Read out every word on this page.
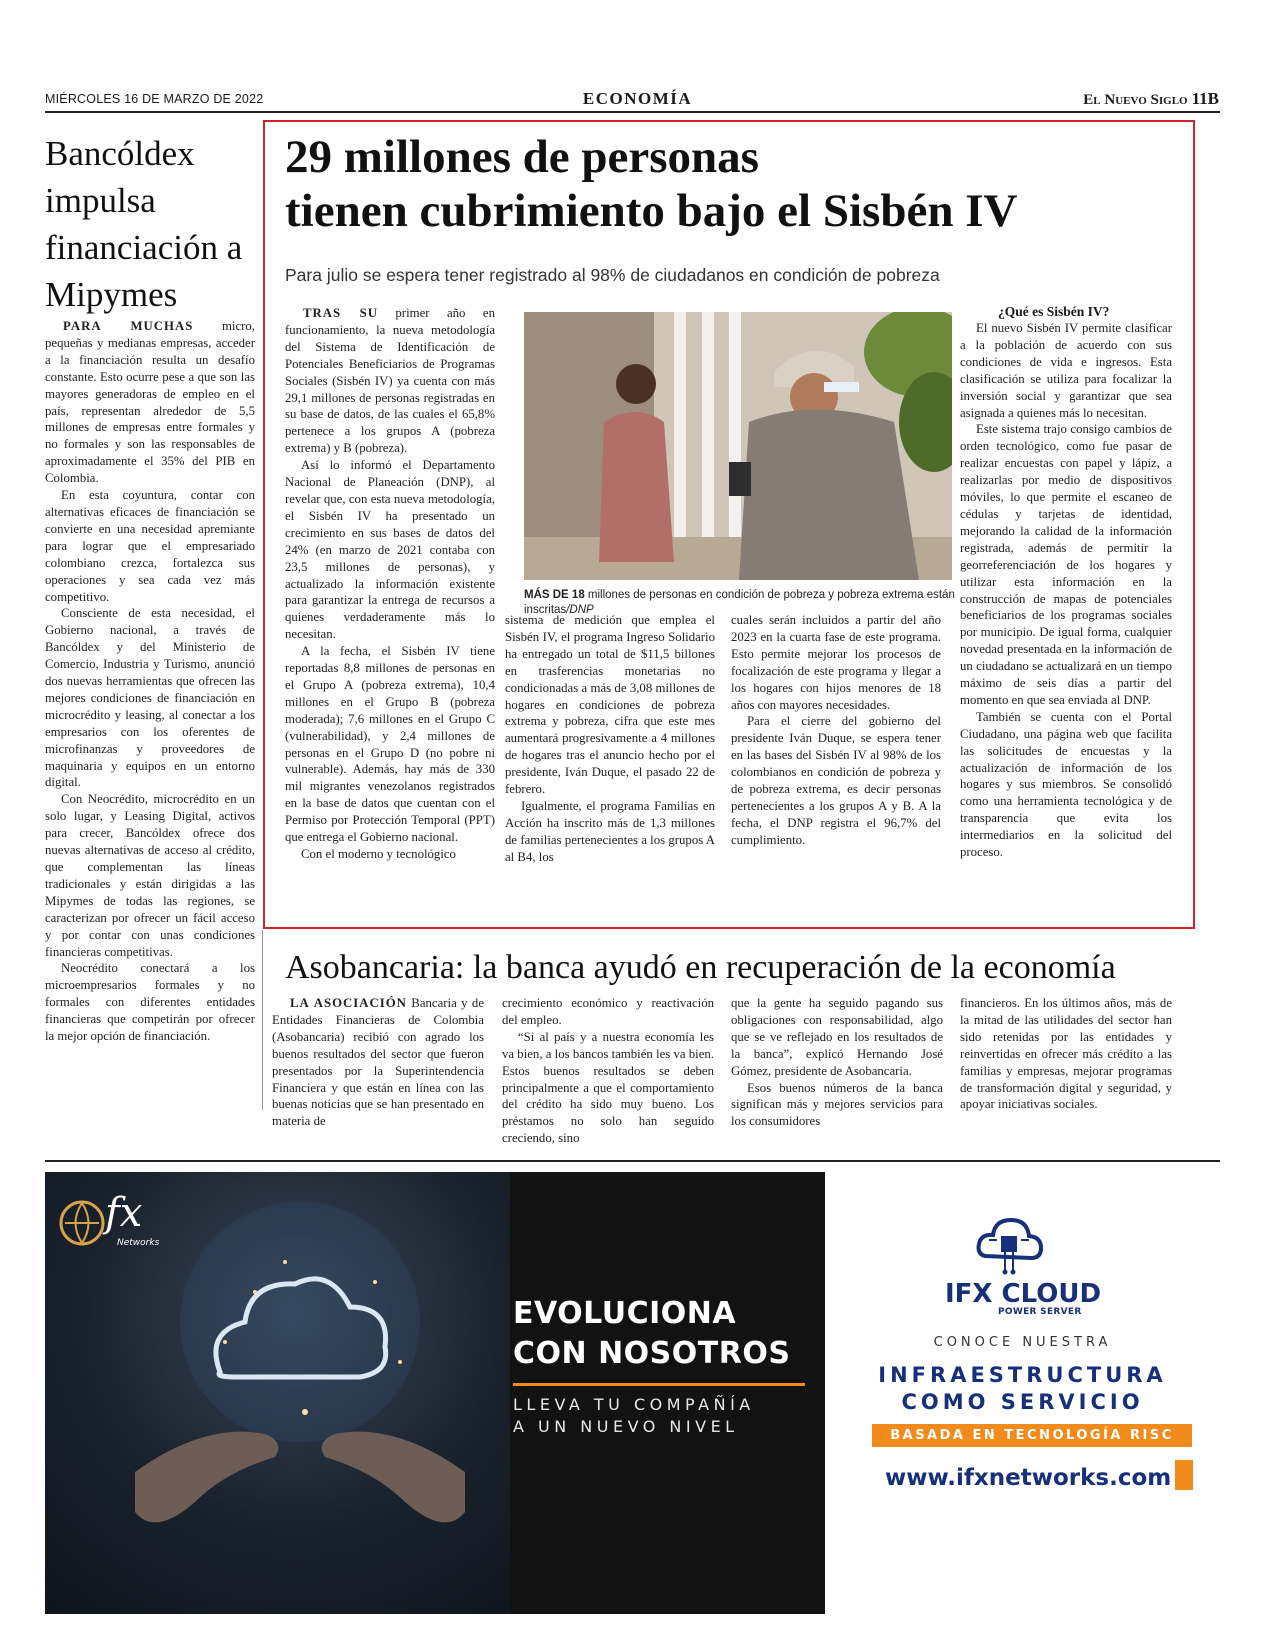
MIÉRCOLES 16 DE MARZO DE 2022	ECONOMÍA	El Nuevo Siglo 11B
Bancóldex impulsa financiación a Mipymes

PARA MUCHAS micro, pequeñas y medianas empresas, acceder a la financiación resulta un desafío constante. Esto ocurre pese a que son las mayores generadoras de empleo en el país, representan alrededor de 5,5 millones de empresas entre formales y no formales y son las responsables de aproximadamente el 35% del PIB en Colombia.

En esta coyuntura, contar con alternativas eficaces de financiación se convierte en una necesidad apremiante para lograr que el empresariado colombiano crezca, fortalezca sus operaciones y sea cada vez más competitivo.

Consciente de esta necesidad, el Gobierno nacional, a través de Bancóldex y del Ministerio de Comercio, Industria y Turismo, anunció dos nuevas herramientas que ofrecen las mejores condiciones de financiación en microcrédito y leasing, al conectar a los empresarios con los oferentes de microfinanzas y proveedores de maquinaria y equipos en un entorno digital.

Con Neocrédito, microcrédito en un solo lugar, y Leasing Digital, activos para crecer, Bancóldex ofrece dos nuevas alternativas de acceso al crédito, que complementan las líneas tradicionales y están dirigidas a las Mipymes de todas las regiones, se caracterizan por ofrecer un fácil acceso y por contar con unas condiciones financieras competitivas.

Neocrédito conectará a los microempresarios formales y no formales con diferentes entidades financieras que competirán por ofrecer la mejor opción de financiación.

29 millones de personas
tienen cubrimiento bajo el Sisbén IV
Para julio se espera tener registrado al 98% de ciudadanos en condición de pobreza

TRAS SU primer año en funcionamiento, la nueva metodología del Sistema de Identificación de Potenciales Beneficiarios de Programas Sociales (Sisbén IV) ya cuenta con más 29,1 millones de personas registradas en su base de datos, de las cuales el 65,8% pertenece a los grupos A (pobreza extrema) y B (pobreza).

Así lo informó el Departamento Nacional de Planeación (DNP), al revelar que, con esta nueva metodología, el Sisbén IV ha presentado un crecimiento en sus bases de datos del 24% (en marzo de 2021 contaba con 23,5 millones de personas), y actualizado la información existente para garantizar la entrega de recursos a quienes verdaderamente más lo necesitan.

A la fecha, el Sisbén IV tiene reportadas 8,8 millones de personas en el Grupo A (pobreza extrema), 10,4 millones en el Grupo B (pobreza moderada); 7,6 millones en el Grupo C (vulnerabilidad), y 2,4 millones de personas en el Grupo D (no pobre ni vulnerable). Además, hay más de 330 mil migrantes venezolanos registrados en la base de datos que cuentan con el Permiso por Protección Temporal (PPT) que entrega el Gobierno nacional.

Con el moderno y tecnológico

MÁS DE 18 millones de personas en condición de pobreza y pobreza extrema están inscritas/DNP

sistema de medición que emplea el Sisbén IV, el programa Ingreso Solidario ha entregado un total de $11,5 billones en trasferencias monetarias no condicionadas a más de 3,08 millones de hogares en condiciones de pobreza extrema y pobreza, cifra que este mes aumentará progresivamente a 4 millones de hogares tras el anuncio hecho por el presidente, Iván Duque, el pasado 22 de febrero.

Igualmente, el programa Familias en Acción ha inscrito más de 1,3 millones de familias pertenecientes a los grupos A al B4, los

cuales serán incluidos a partir del año 2023 en la cuarta fase de este programa. Esto permite mejorar los procesos de focalización de este programa y llegar a los hogares con hijos menores de 18 años con mayores necesidades.

Para el cierre del gobierno del presidente Iván Duque, se espera tener en las bases del Sisbén IV al 98% de los colombianos en condición de pobreza y de pobreza extrema, es decir personas pertenecientes a los grupos A y B. A la fecha, el DNP registra el 96,7% del cumplimiento.

¿Qué es Sisbén IV?

El nuevo Sisbén IV permite clasificar a la población de acuerdo con sus condiciones de vida e ingresos. Esta clasificación se utiliza para focalizar la inversión social y garantizar que sea asignada a quienes más lo necesitan.

Este sistema trajo consigo cambios de orden tecnológico, como fue pasar de realizar encuestas con papel y lápiz, a realizarlas por medio de dispositivos móviles, lo que permite el escaneo de cédulas y tarjetas de identidad, mejorando la calidad de la información registrada, además de permitir la georreferenciación de los hogares y utilizar esta información en la construcción de mapas de potenciales beneficiarios de los programas sociales por municipio. De igual forma, cualquier novedad presentada en la información de un ciudadano se actualizará en un tiempo máximo de seis días a partir del momento en que sea enviada al DNP.

También se cuenta con el Portal Ciudadano, una página web que facilita las solicitudes de encuestas y la actualización de información de los hogares y sus miembros. Se consolidó como una herramienta tecnológica y de transparencia que evita los intermediarios en la solicitud del proceso.

Asobancaria: la banca ayudó en recuperación de la economía

LA ASOCIACIÓN Bancaria y de Entidades Financieras de Colombia (Asobancaria) recibió con agrado los buenos resultados del sector que fueron presentados por la Superintendencia Financiera y que están en línea con las buenas noticias que se han presentado en materia de

crecimiento económico y reactivación del empleo.

“Si al país y a nuestra economía les va bien, a los bancos también les va bien. Estos buenos resultados se deben principalmente a que el comportamiento del crédito ha sido muy bueno. Los préstamos no solo han seguido creciendo, sino

que la gente ha seguido pagando sus obligaciones con responsabilidad, algo que se ve reflejado en los resultados de la banca”, explicó Hernando José Gómez, presidente de Asobancaria.

Esos buenos números de la banca significan más y mejores servicios para los consumidores

financieros. En los últimos años, más de la mitad de las utilidades del sector han sido retenidas por las entidades y reinvertidas en ofrecer más crédito a las familias y empresas, mejorar programas de transformación digital y seguridad, y apoyar iniciativas sociales.

fx
Networks
EVOLUCIONA
CON NOSOTROS
LLEVA TU COMPAÑÍA
A UN NUEVO NIVEL
IFX CLOUD
POWER SERVER
CONOCE NUESTRA
INFRAESTRUCTURA
COMO SERVICIO
BASADA EN TECNOLOGÍA RISC
www.ifxnetworks.com
